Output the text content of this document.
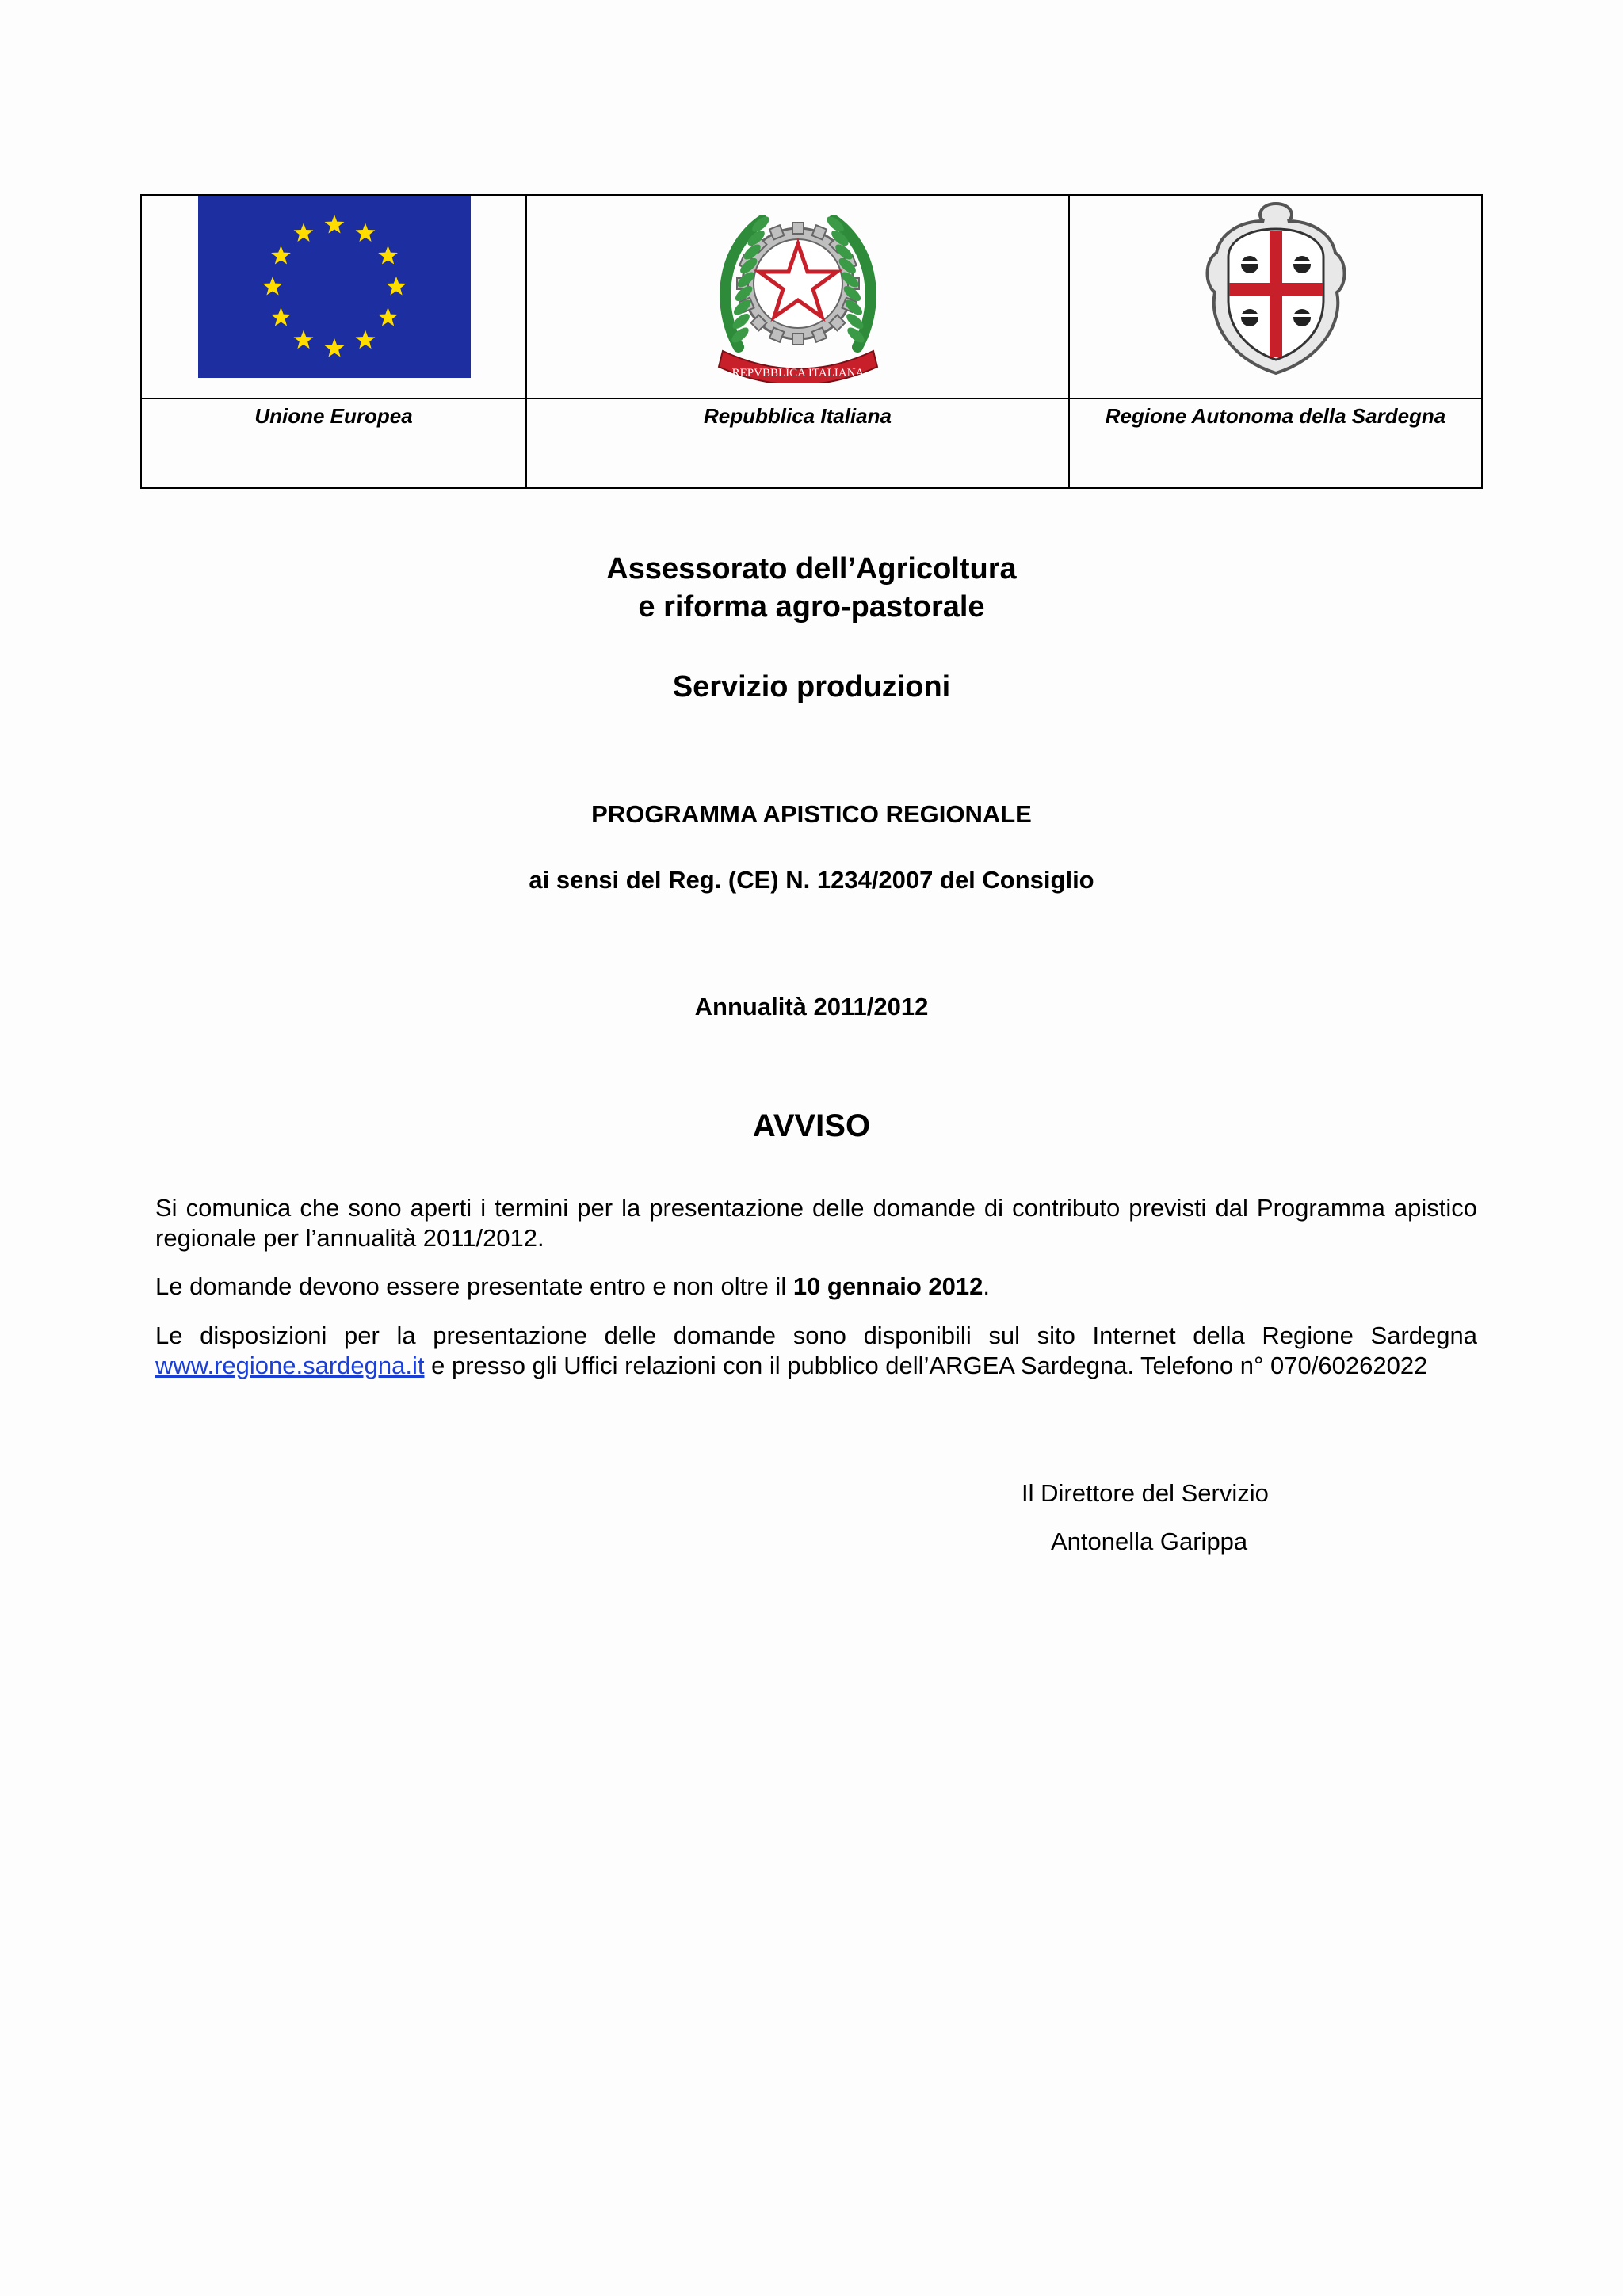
REPVBBLICA ITALIANA

Unione Europea	Repubblica Italiana	Regione Autonoma della Sardegna
Assessorato dell’Agricoltura
e riforma agro-pastorale
Servizio produzioni
PROGRAMMA APISTICO REGIONALE
ai sensi del Reg. (CE) N. 1234/2007 del Consiglio
Annualità 2011/2012
AVVISO
Si comunica che sono aperti i termini per la presentazione delle domande di contributo previsti dal Programma apistico regionale per l’annualità 2011/2012.
Le domande devono essere presentate entro e non oltre il 10 gennaio 2012.
Le disposizioni per la presentazione delle domande sono disponibili sul sito Internet della Regione Sardegna www.regione.sardegna.it e presso gli Uffici relazioni con il pubblico dell’ARGEA Sardegna. Telefono n° 070/60262022
Il Direttore del Servizio
Antonella Garippa
